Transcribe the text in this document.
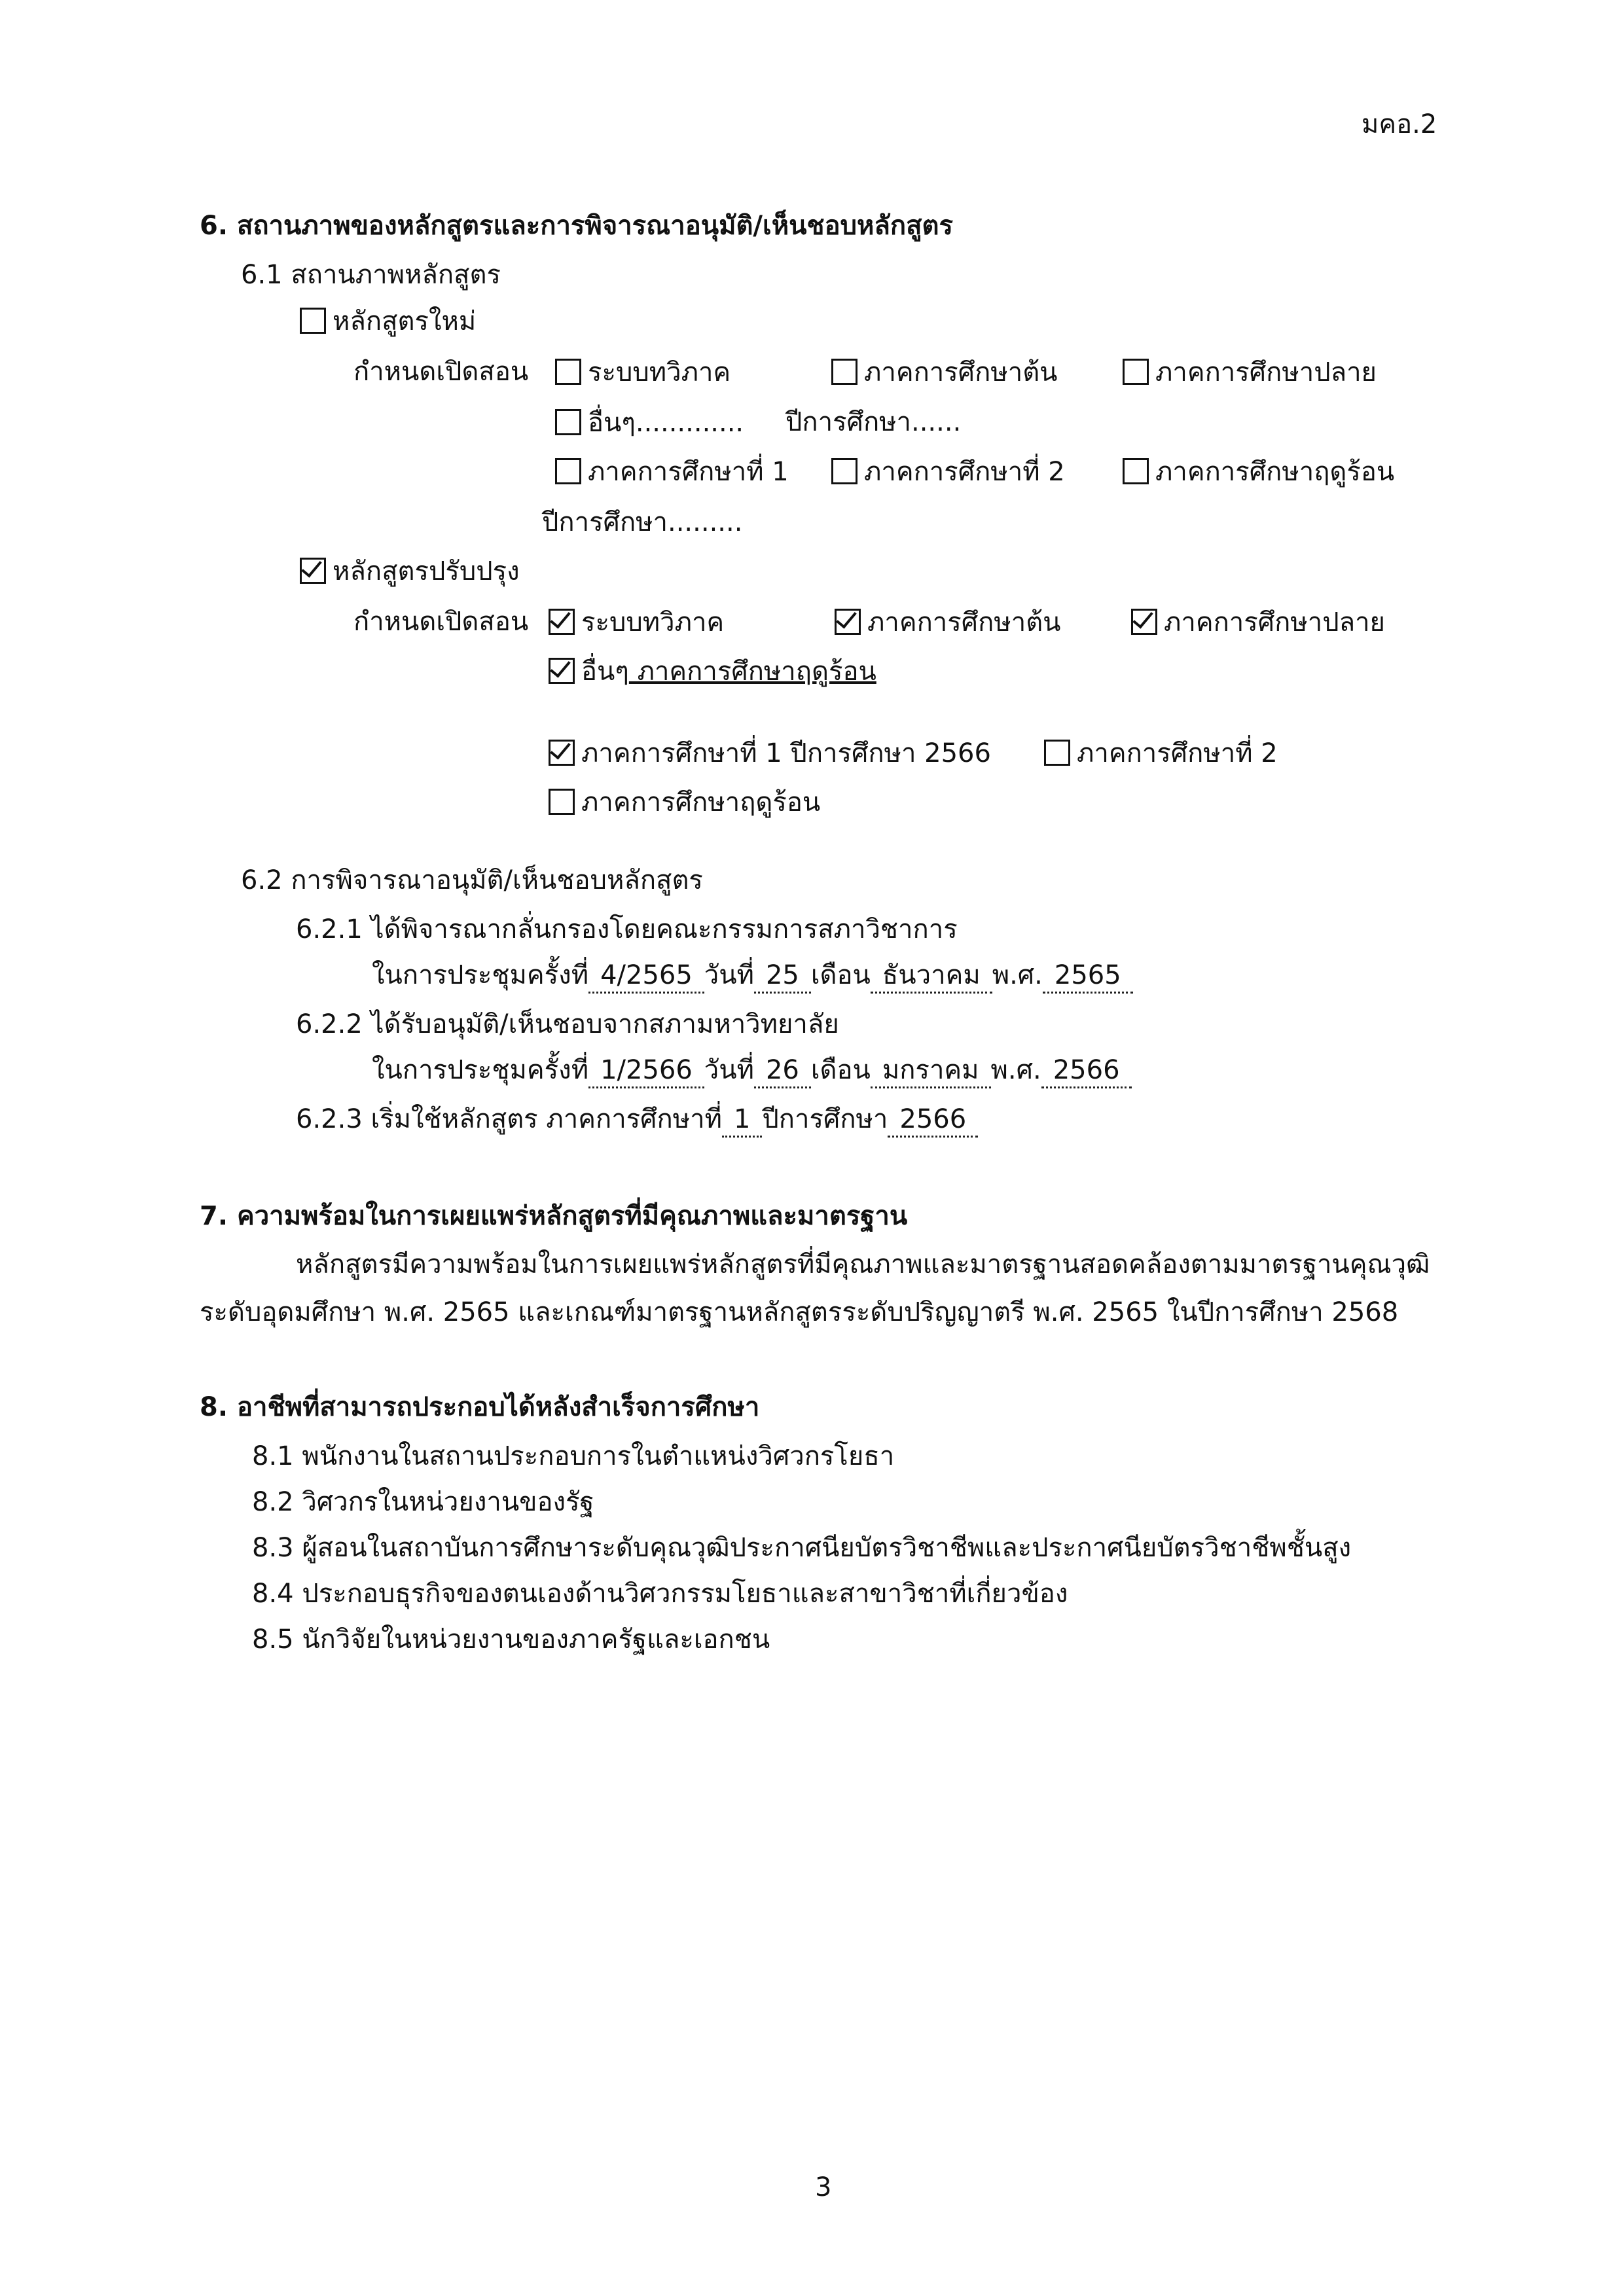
มคอ.2
6. สถานภาพของหลักสูตรและการพิจารณาอนุมัติ/เห็นชอบหลักสูตร
6.1 สถานภาพหลักสูตร
หลักสูตรใหม่
กำหนดเปิดสอน	ระบบทวิภาค	ภาคการศึกษาต้น	ภาคการศึกษาปลาย
อื่นๆ............. ปีการศึกษา......
ภาคการศึกษาที่ 1	ภาคการศึกษาที่ 2	ภาคการศึกษาฤดูร้อน
ปีการศึกษา.........
หลักสูตรปรับปรุง
กำหนดเปิดสอน	ระบบทวิภาค	ภาคการศึกษาต้น	ภาคการศึกษาปลาย
อื่นๆ ภาคการศึกษาฤดูร้อน
ภาคการศึกษาที่ 1 ปีการศึกษา 2566	ภาคการศึกษาที่ 2
ภาคการศึกษาฤดูร้อน
6.2 การพิจารณาอนุมัติ/เห็นชอบหลักสูตร
6.2.1 ได้พิจารณากลั่นกรองโดยคณะกรรมการสภาวิชาการ
ในการประชุมครั้งที่ 4/2565 วันที่ 25 เดือน ธันวาคม พ.ศ. 2565
6.2.2 ได้รับอนุมัติ/เห็นชอบจากสภามหาวิทยาลัย
ในการประชุมครั้งที่ 1/2566 วันที่ 26 เดือน มกราคม พ.ศ. 2566
6.2.3 เริ่มใช้หลักสูตร ภาคการศึกษาที่ 1 ปีการศึกษา 2566
7. ความพร้อมในการเผยแพร่หลักสูตรที่มีคุณภาพและมาตรฐาน
หลักสูตรมีความพร้อมในการเผยแพร่หลักสูตรที่มีคุณภาพและมาตรฐานสอดคล้องตามมาตรฐานคุณวุฒิ
ระดับอุดมศึกษา พ.ศ. 2565 และเกณฑ์มาตรฐานหลักสูตรระดับปริญญาตรี พ.ศ. 2565 ในปีการศึกษา 2568
8. อาชีพที่สามารถประกอบได้หลังสำเร็จการศึกษา
8.1 พนักงานในสถานประกอบการในตำแหน่งวิศวกรโยธา
8.2 วิศวกรในหน่วยงานของรัฐ
8.3 ผู้สอนในสถาบันการศึกษาระดับคุณวุฒิประกาศนียบัตรวิชาชีพและประกาศนียบัตรวิชาชีพชั้นสูง
8.4 ประกอบธุรกิจของตนเองด้านวิศวกรรมโยธาและสาขาวิชาที่เกี่ยวข้อง
8.5 นักวิจัยในหน่วยงานของภาครัฐและเอกชน
3
